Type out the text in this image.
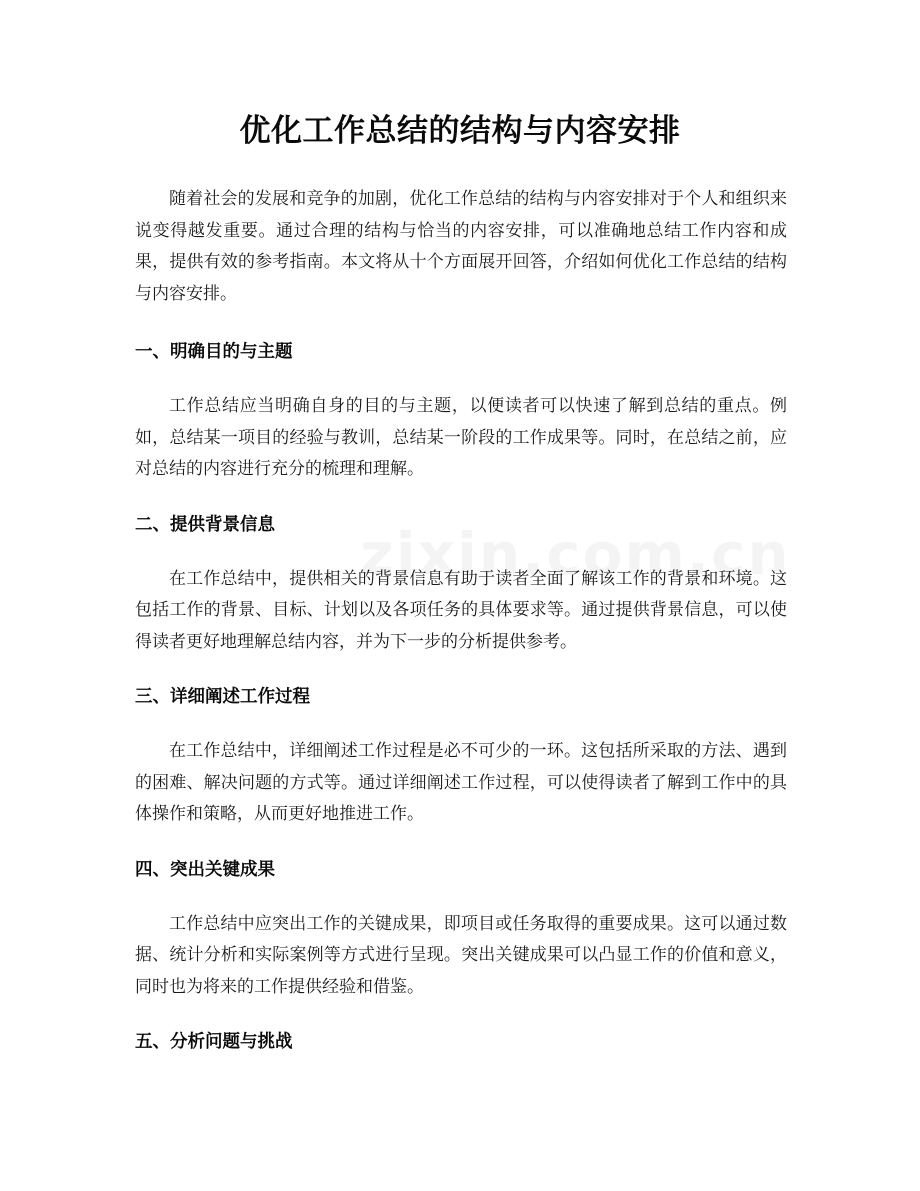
优化工作总结的结构与内容安排

随着社会的发展和竞争的加剧，优化工作总结的结构与内容安排对于个人和组织来说变得越发重要。通过合理的结构与恰当的内容安排，可以准确地总结工作内容和成果，提供有效的参考指南。本文将从十个方面展开回答，介绍如何优化工作总结的结构与内容安排。

一、明确目的与主题

工作总结应当明确自身的目的与主题，以便读者可以快速了解到总结的重点。例如，总结某一项目的经验与教训，总结某一阶段的工作成果等。同时，在总结之前，应对总结的内容进行充分的梳理和理解。

二、提供背景信息

在工作总结中，提供相关的背景信息有助于读者全面了解该工作的背景和环境。这包括工作的背景、目标、计划以及各项任务的具体要求等。通过提供背景信息，可以使得读者更好地理解总结内容，并为下一步的分析提供参考。

三、详细阐述工作过程

在工作总结中，详细阐述工作过程是必不可少的一环。这包括所采取的方法、遇到的困难、解决问题的方式等。通过详细阐述工作过程，可以使得读者了解到工作中的具体操作和策略，从而更好地推进工作。

四、突出关键成果

工作总结中应突出工作的关键成果，即项目或任务取得的重要成果。这可以通过数据、统计分析和实际案例等方式进行呈现。突出关键成果可以凸显工作的价值和意义，同时也为将来的工作提供经验和借鉴。

五、分析问题与挑战
